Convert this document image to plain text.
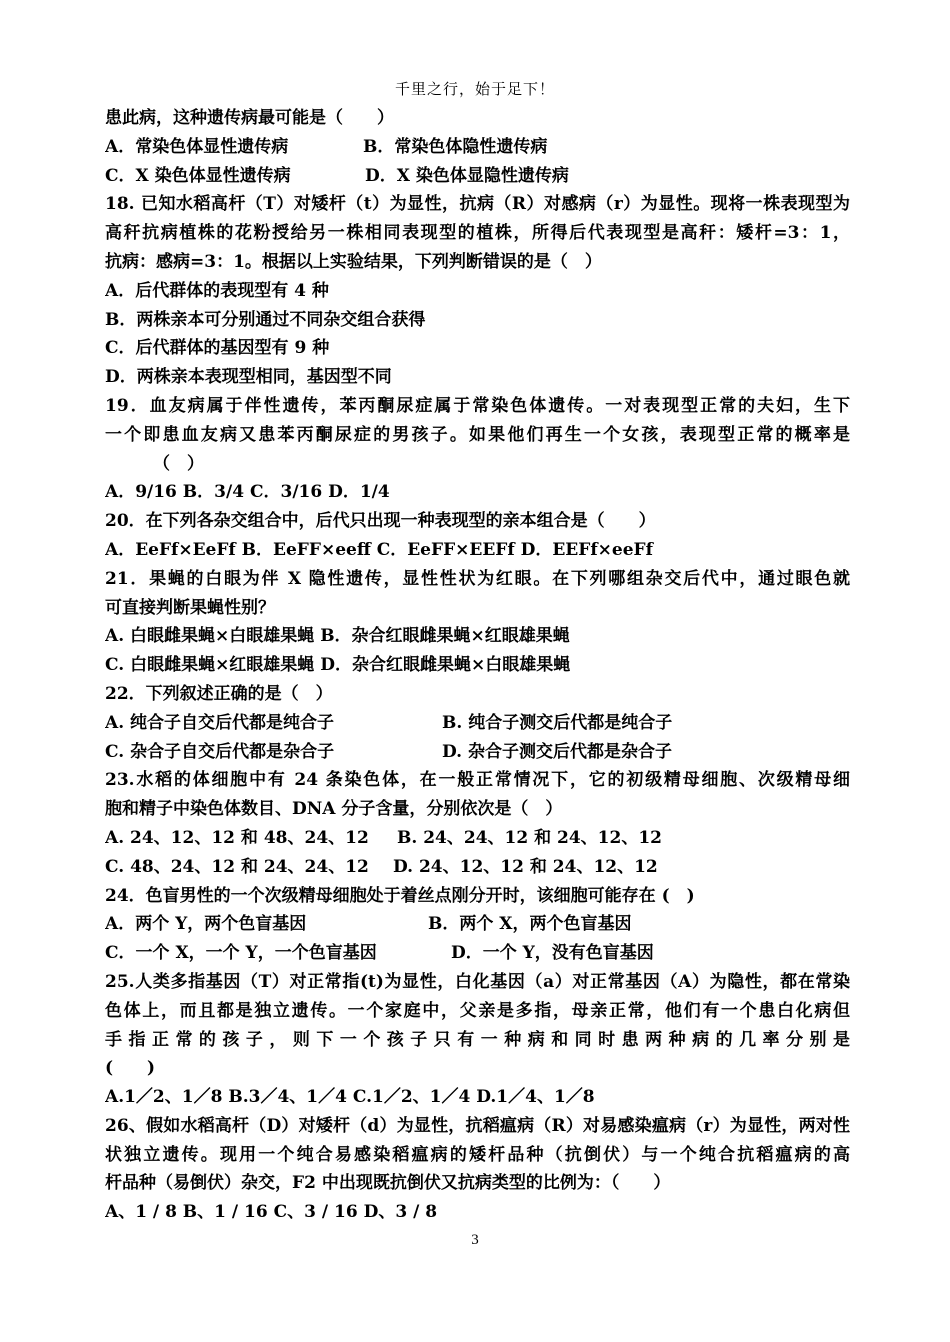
千里之行，始于足下！
患此病，这种遗传病最可能是（　　）
A．常染色体显性遗传病	B．常染色体隐性遗传病
C．X 染色体显性遗传病	D．X 染色体显隐性遗传病
18. 已知水稻高杆（T）对矮杆（t）为显性，抗病（R）对感病（r）为显性。现将一株表现型为
高秆抗病植株的花粉授给另一株相同表现型的植株，所得后代表现型是高秆：矮杆=3：1，
抗病：感病=3：1。根据以上实验结果，下列判断错误的是（　）
A．后代群体的表现型有 4 种
B．两株亲本可分别通过不同杂交组合获得
C．后代群体的基因型有 9 种
D．两株亲本表现型相同，基因型不同
19．血友病属于伴性遗传，苯丙酮尿症属于常染色体遗传。一对表现型正常的夫妇，生下
一个即患血友病又患苯丙酮尿症的男孩子。如果他们再生一个女孩，表现型正常的概率是
（　）
A．9/16 B．3/4 C．3/16 D．1/4
20．在下列各杂交组合中，后代只出现一种表现型的亲本组合是（　　）
A．EeFf×EeFf B．EeFF×eeff C．EeFF×EEFf D．EEFf×eeFf
21．果蝇的白眼为伴 X 隐性遗传，显性性状为红眼。在下列哪组杂交后代中，通过眼色就
可直接判断果蝇性别？
A. 白眼雌果蝇×白眼雄果蝇 B．杂合红眼雌果蝇×红眼雄果蝇
C. 白眼雌果蝇×红眼雄果蝇 D．杂合红眼雌果蝇×白眼雄果蝇
22．下列叙述正确的是（　）
A. 纯合子自交后代都是纯合子	B. 纯合子测交后代都是纯合子
C. 杂合子自交后代都是杂合子	D. 杂合子测交后代都是杂合子
23.水稻的体细胞中有 24 条染色体，在一般正常情况下，它的初级精母细胞、次级精母细
胞和精子中染色体数目、DNA 分子含量，分别依次是（　）
A. 24、12、12 和 48、24、12	B. 24、24、12 和 24、12、12
C. 48、24、12 和 24、24、12	D. 24、12、12 和 24、12、12
24．色盲男性的一个次级精母细胞处于着丝点刚分开时，该细胞可能存在 (　)
A．两个 Y，两个色盲基因	B．两个 X，两个色盲基因
C．一个 X，一个 Y，一个色盲基因	D．一个 Y，没有色盲基因
25.人类多指基因（T）对正常指(t)为显性，白化基因（a）对正常基因（A）为隐性，都在常染
色体上，而且都是独立遗传。一个家庭中，父亲是多指，母亲正常，他们有一个患白化病但
手指正常的孩子，则下一个孩子只有一种病和同时患两种病的几率分别是
(　　)
A.1／2、1／8 B.3／4、1／4 C.1／2、1／4 D.1／4、1／8
26、假如水稻高杆（D）对矮杆（d）为显性，抗稻瘟病（R）对易感染瘟病（r）为显性，两对性
状独立遗传。现用一个纯合易感染稻瘟病的矮杆品种（抗倒伏）与一个纯合抗稻瘟病的高
杆品种（易倒伏）杂交，F2 中出现既抗倒伏又抗病类型的比例为：（　　）
A、1 / 8 B、1 / 16 C、3 / 16 D、3 / 8
3
